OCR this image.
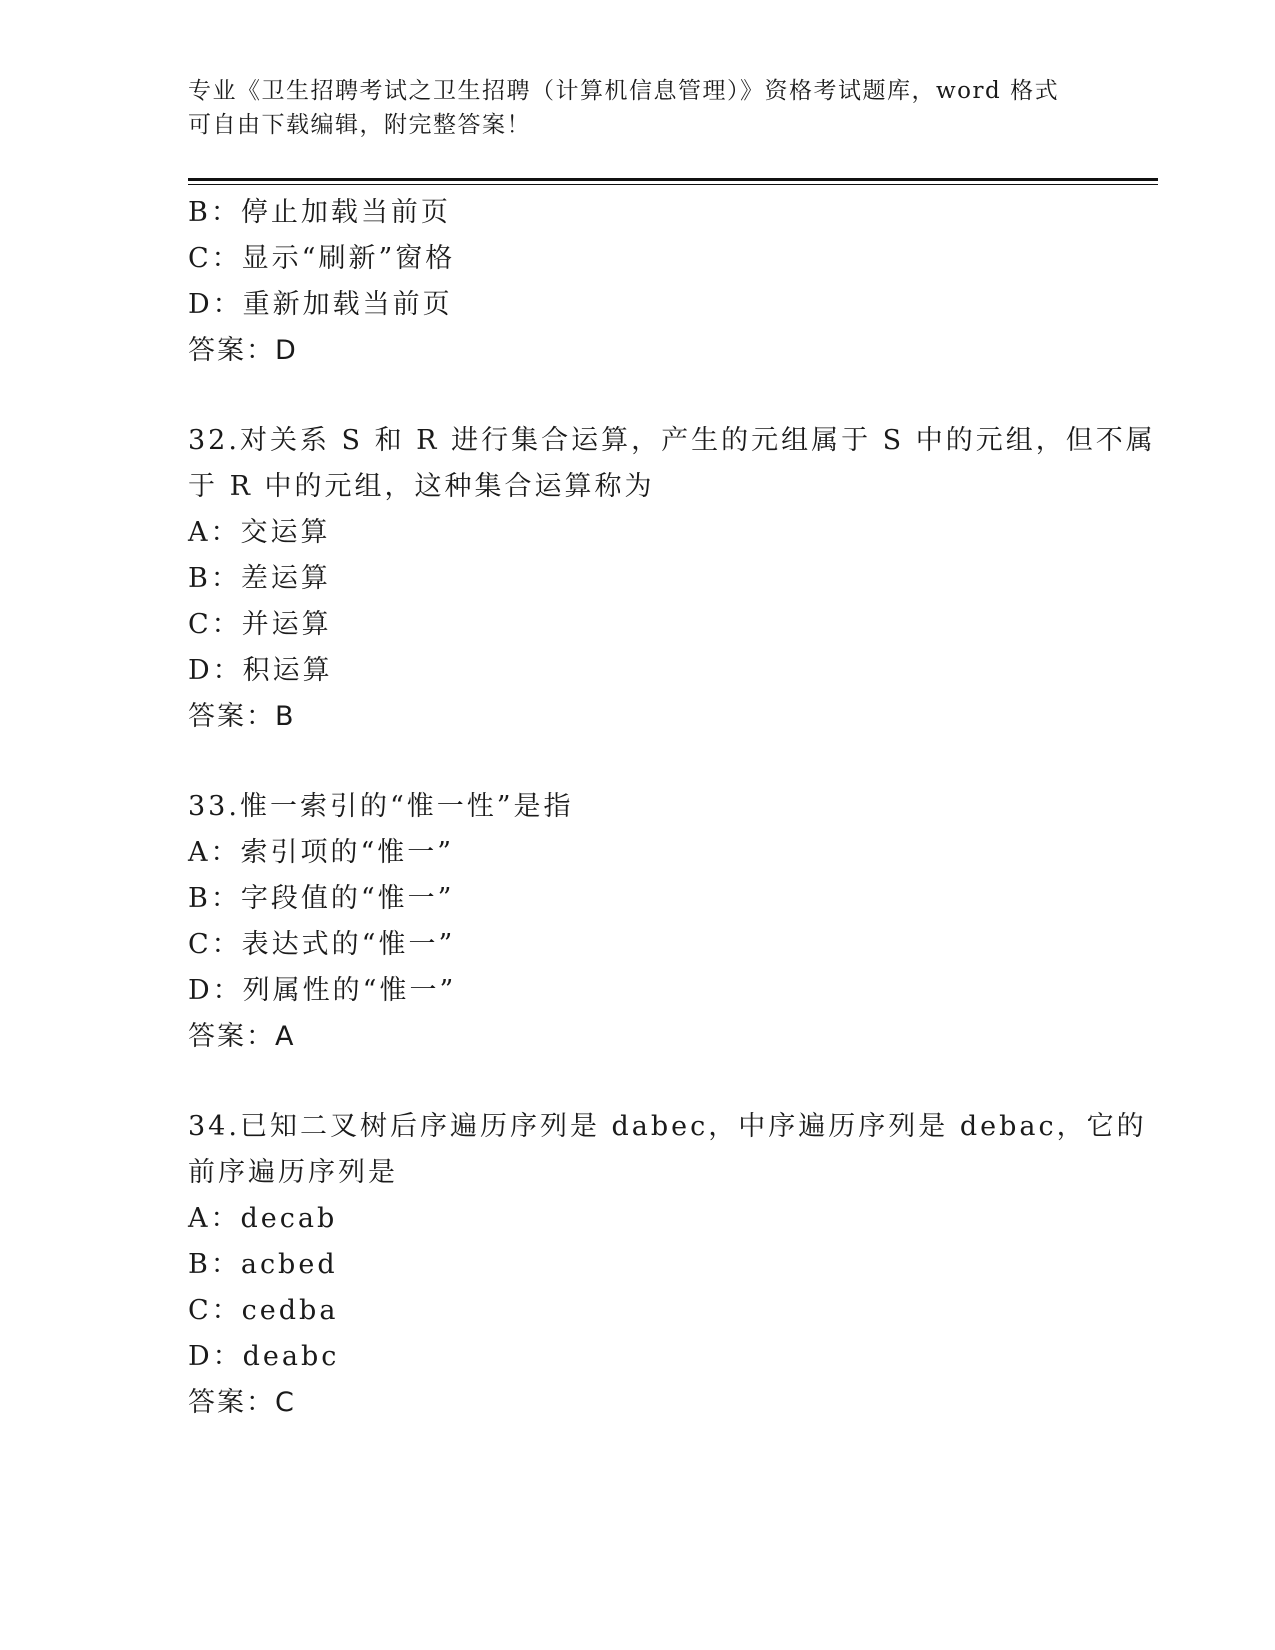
专业《卫生招聘考试之卫生招聘（计算机信息管理）》资格考试题库，word 格式
可自由下载编辑，附完整答案！
B：停止加载当前页
C：显示“刷新”窗格
D：重新加载当前页
答案：D
32.对关系 S 和 R 进行集合运算，产生的元组属于 S 中的元组，但不属
于 R 中的元组，这种集合运算称为
A：交运算
B：差运算
C：并运算
D：积运算
答案：B
33.惟一索引的“惟一性”是指
A：索引项的“惟一”
B：字段值的“惟一”
C：表达式的“惟一”
D：列属性的“惟一”
答案：A
34.已知二叉树后序遍历序列是 dabec，中序遍历序列是 debac，它的
前序遍历序列是
A：decab
B：acbed
C：cedba
D：deabc
答案：C
